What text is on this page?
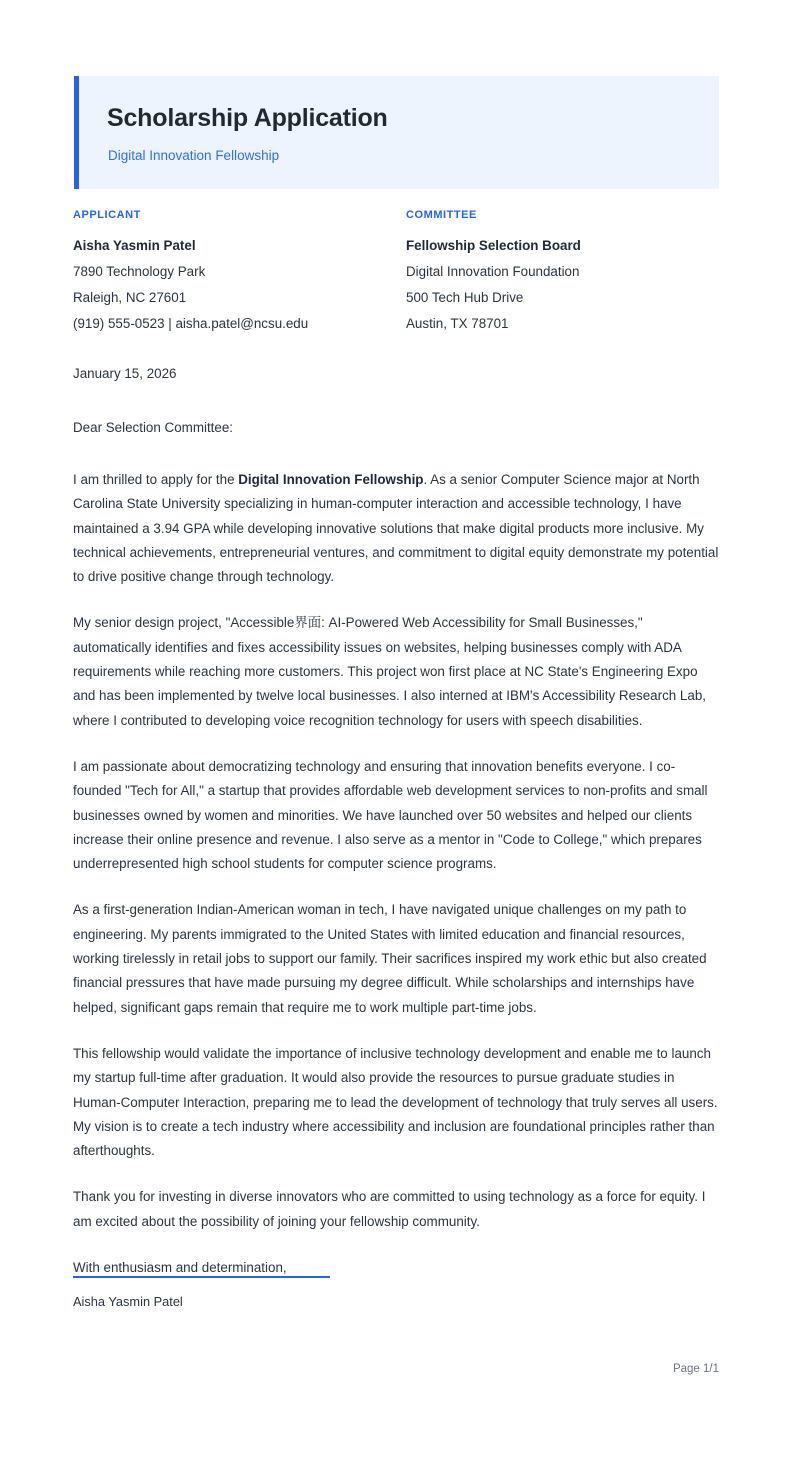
Scholarship Application

Digital Innovation Fellowship

APPLICANT

Aisha Yasmin Patel

7890 Technology Park

Raleigh, NC 27601

(919) 555-0523 | aisha.patel@ncsu.edu

COMMITTEE

Fellowship Selection Board

Digital Innovation Foundation

500 Tech Hub Drive

Austin, TX 78701

January 15, 2026

Dear Selection Committee:

I am thrilled to apply for the Digital Innovation Fellowship. As a senior Computer Science major at North Carolina State University specializing in human-computer interaction and accessible technology, I have maintained a 3.94 GPA while developing innovative solutions that make digital products more inclusive. My technical achievements, entrepreneurial ventures, and commitment to digital equity demonstrate my potential to drive positive change through technology.

My senior design project, "Accessible界面: AI-Powered Web Accessibility for Small Businesses," automatically identifies and fixes accessibility issues on websites, helping businesses comply with ADA requirements while reaching more customers. This project won first place at NC State's Engineering Expo and has been implemented by twelve local businesses. I also interned at IBM's Accessibility Research Lab, where I contributed to developing voice recognition technology for users with speech disabilities.

I am passionate about democratizing technology and ensuring that innovation benefits everyone. I co-founded "Tech for All," a startup that provides affordable web development services to non-profits and small businesses owned by women and minorities. We have launched over 50 websites and helped our clients increase their online presence and revenue. I also serve as a mentor in "Code to College," which prepares underrepresented high school students for computer science programs.

As a first-generation Indian-American woman in tech, I have navigated unique challenges on my path to engineering. My parents immigrated to the United States with limited education and financial resources, working tirelessly in retail jobs to support our family. Their sacrifices inspired my work ethic but also created financial pressures that have made pursuing my degree difficult. While scholarships and internships have helped, significant gaps remain that require me to work multiple part-time jobs.

This fellowship would validate the importance of inclusive technology development and enable me to launch my startup full-time after graduation. It would also provide the resources to pursue graduate studies in Human-Computer Interaction, preparing me to lead the development of technology that truly serves all users. My vision is to create a tech industry where accessibility and inclusion are foundational principles rather than afterthoughts.

Thank you for investing in diverse innovators who are committed to using technology as a force for equity. I am excited about the possibility of joining your fellowship community.

With enthusiasm and determination,

Aisha Yasmin Patel

Page 1/1
